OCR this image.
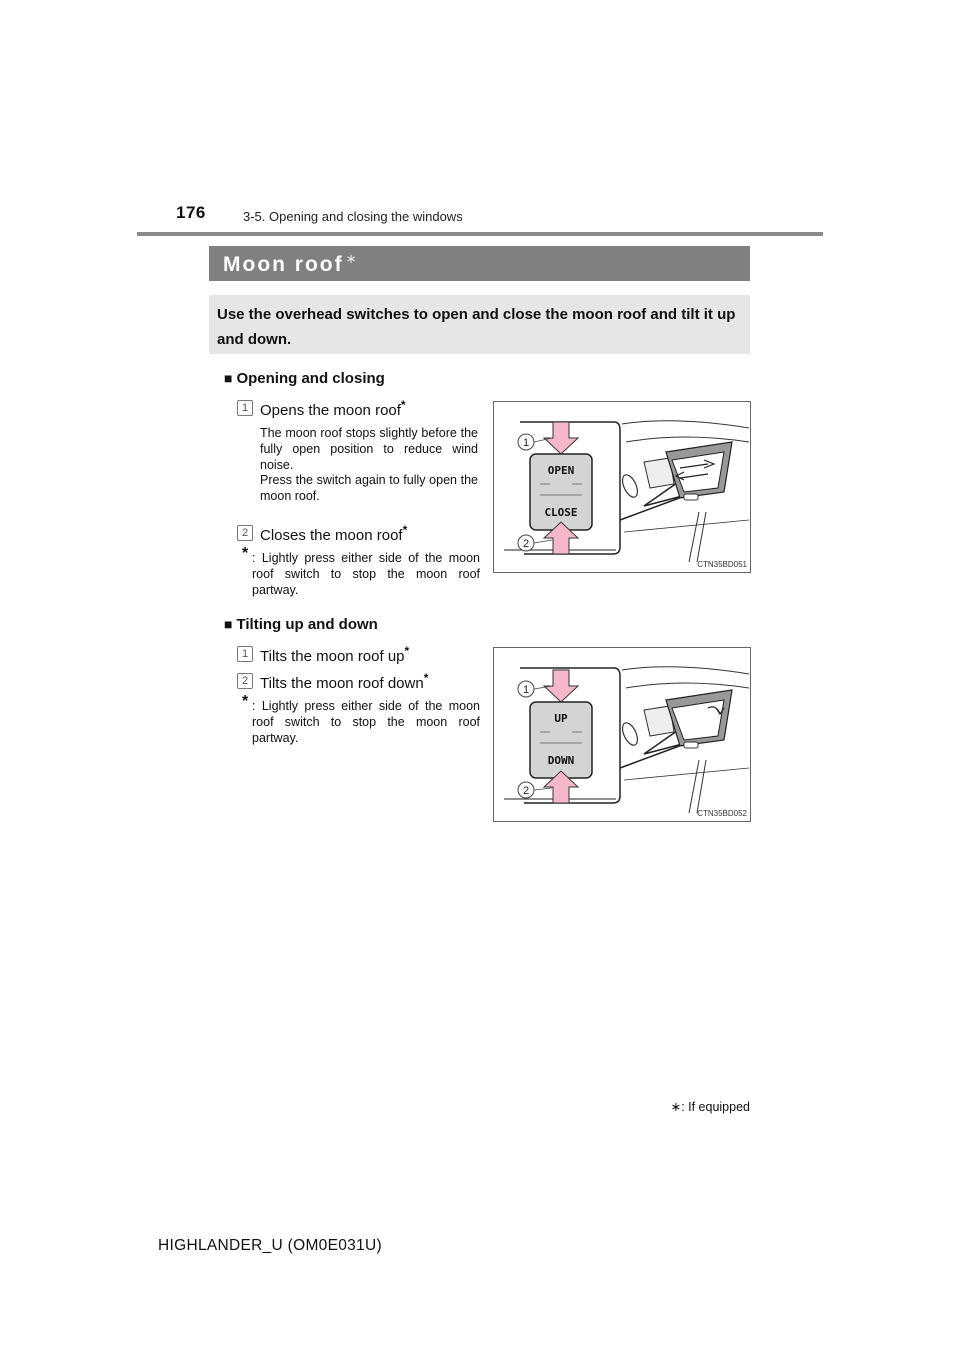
176	3-5. Opening and closing the windows
Moon roof ∗
Use the overhead switches to open and close the moon roof and tilt it up and down.
■ Opening and closing
1 Opens the moon roof*
The moon roof stops slightly before the fully open position to reduce wind noise.
Press the switch again to fully open the moon roof.
2 Closes the moon roof*
* : Lightly press either side of the moon roof switch to stop the moon roof partway.
OPEN
CLOSE
1
2
CTN35BD051
■ Tilting up and down
1 Tilts the moon roof up*
2 Tilts the moon roof down*
* : Lightly press either side of the moon roof switch to stop the moon roof partway.
UP
DOWN
1
2
CTN35BD052
∗: If equipped
HIGHLANDER_U (OM0E031U)
